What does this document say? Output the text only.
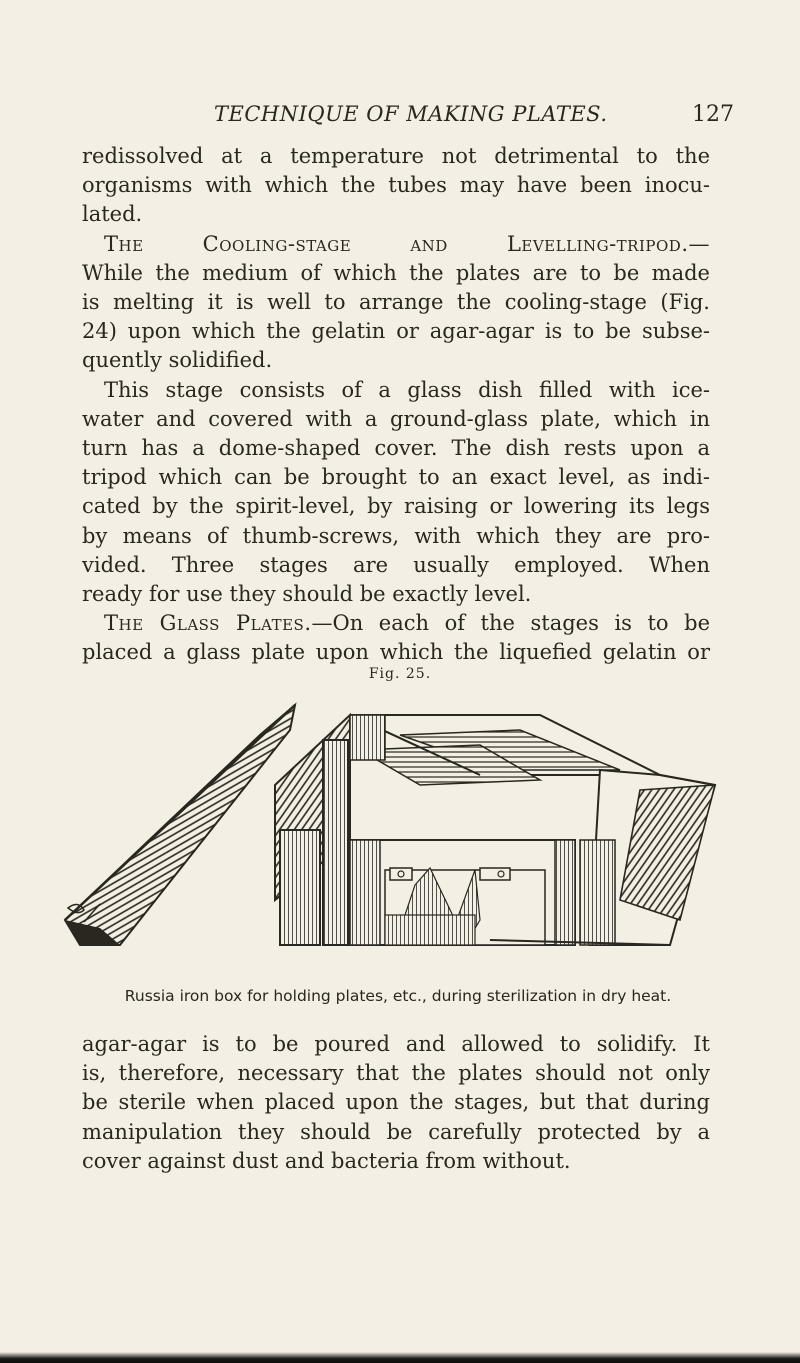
TECHNIQUE OF MAKING PLATES.	127
redissolved at a temperature not detrimental to the
organisms with which the tubes may have been inocu-
lated.
The Cooling-stage and Levelling-tripod.—
While the medium of which the plates are to be made
is melting it is well to arrange the cooling-stage (Fig.
24) upon which the gelatin or agar-agar is to be subse-
quently solidified.
This stage consists of a glass dish filled with ice-
water and covered with a ground-glass plate, which in
turn has a dome-shaped cover. The dish rests upon a
tripod which can be brought to an exact level, as indi-
cated by the spirit-level, by raising or lowering its legs
by means of thumb-screws, with which they are pro-
vided. Three stages are usually employed. When
ready for use they should be exactly level.
The Glass Plates.—On each of the stages is to be
placed a glass plate upon which the liquefied gelatin or
Fig. 25.
Russia iron box for holding plates, etc., during sterilization in dry heat.
agar-agar is to be poured and allowed to solidify. It
is, therefore, necessary that the plates should not only
be sterile when placed upon the stages, but that during
manipulation they should be carefully protected by a
cover against dust and bacteria from without.
